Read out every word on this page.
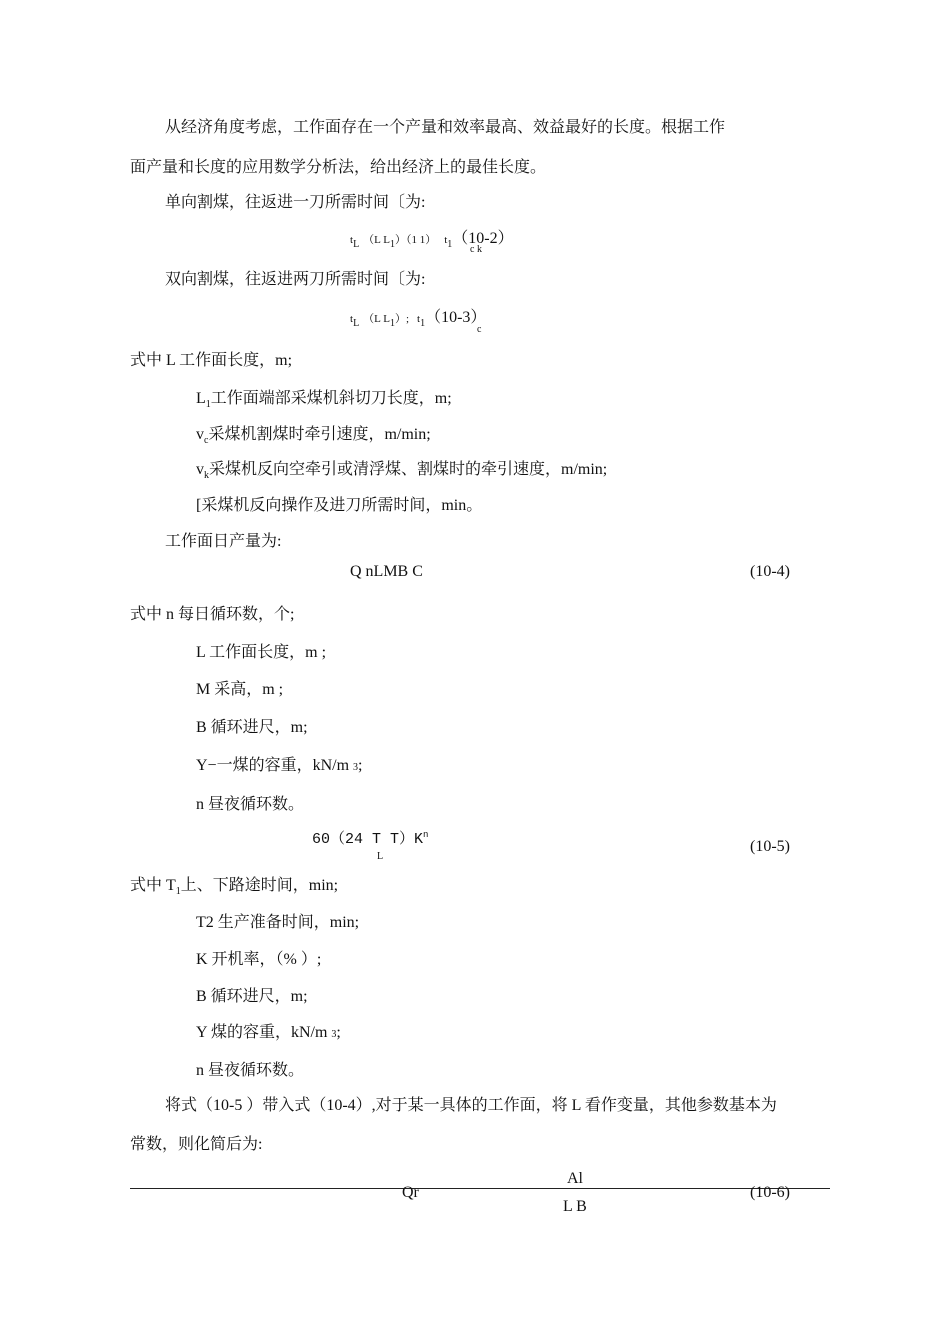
从经济角度考虑，工作面存在一个产量和效率最高、效益最好的长度。根据工作
面产量和长度的应用数学分析法，给出经济上的最佳长度。
单向割煤，往返进一刀所需时间〔为:
$t_L$ （L $L_1)(1$ 1） $t_1(10-2)$
c k
双向割煤，往返进两刀所需时间〔为:
$t_L$ （L $L_1$）; $t_1(10-3)$
c
式中 L 工作面长度，m;
$L_1$工作面端部采煤机斜切刀长度，m;
$v_c$采煤机割煤时牵引速度，m/min;
$v_k$采煤机反向空牵引或清浮煤、割煤时的牵引速度，m/min;
[采煤机反向操作及进刀所需时间，min。
工作面日产量为:
Q nLMB C	(10-4)
式中 n 每日循环数，个;
L 工作面长度，m ;
M 采高，m ;
B 循环进尺，m;
Y−一煤的容重，kN/m 3;
n 昼夜循环数。
60（24 T $T)K^n$
L
(10-5)
式中 $T_1$上、下路途时间，min;
T2 生产准备时间，min;
K 开机率，（% ）;
B 循环进尺，m;
Y 煤的容重，kN/m 3;
n 昼夜循环数。
将式（10-5 ）带入式（10-4）,对于某一具体的工作面，将 L 看作变量，其他参数基本为
常数，则化简后为:
Al
Qr	(10-6)
L B
